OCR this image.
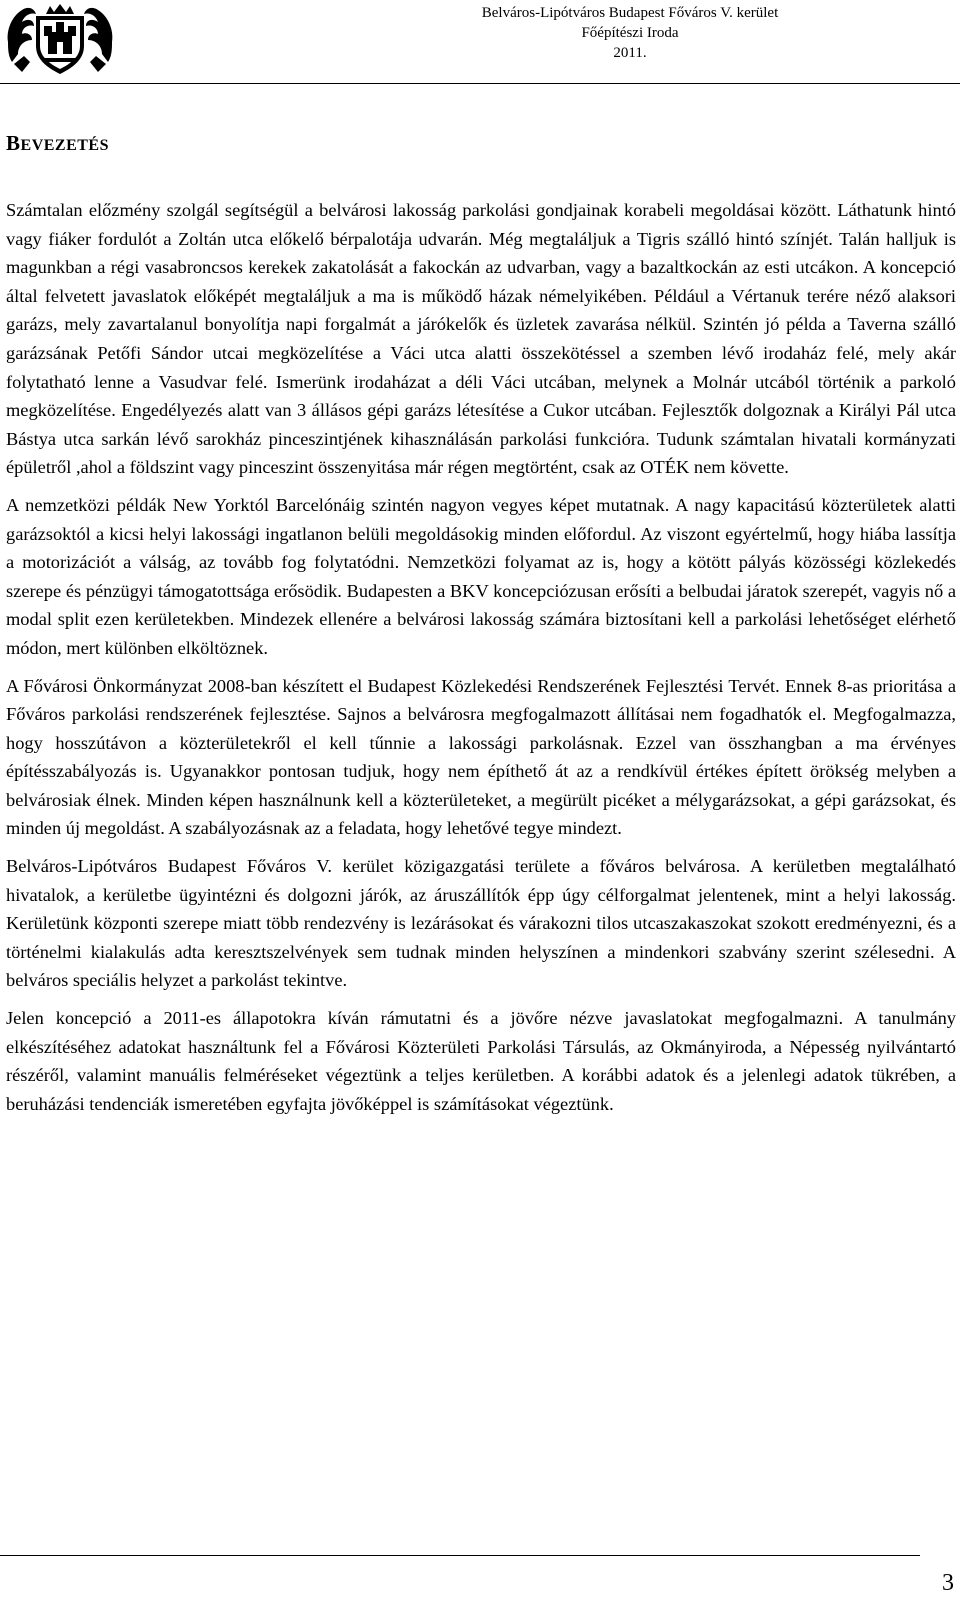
Belváros-Lipótváros Budapest Főváros V. kerület
Főépítészi Iroda
2011.
BEVEZETÉS

Számtalan előzmény szolgál segítségül a belvárosi lakosság parkolási gondjainak korabeli megoldásai között. Láthatunk hintó vagy fiáker fordulót a Zoltán utca előkelő bérpalotája udvarán. Még megtaláljuk a Tigris szálló hintó színjét. Talán halljuk is magunkban a régi vasabroncsos kerekek zakatolását a fakockán az udvarban, vagy a bazaltkockán az esti utcákon. A koncepció által felvetett javaslatok előképét megtaláljuk a ma is működő házak némelyikében. Például a Vértanuk terére néző alaksori garázs, mely zavartalanul bonyolítja napi forgalmát a járókelők és üzletek zavarása nélkül. Szintén jó példa a Taverna szálló garázsának Petőfi Sándor utcai megközelítése a Váci utca alatti összekötéssel a szemben lévő irodaház felé, mely akár folytatható lenne a Vasudvar felé. Ismerünk irodaházat a déli Váci utcában, melynek a Molnár utcából történik a parkoló megközelítése. Engedélyezés alatt van 3 állásos gépi garázs létesítése a Cukor utcában. Fejlesztők dolgoznak a Királyi Pál utca Bástya utca sarkán lévő sarokház pinceszintjének kihasználásán parkolási funkcióra. Tudunk számtalan hivatali kormányzati épületről ,ahol a földszint vagy pinceszint összenyitása már régen megtörtént, csak az OTÉK nem követte.

A nemzetközi példák New Yorktól Barcelónáig szintén nagyon vegyes képet mutatnak. A nagy kapacitású közterületek alatti garázsoktól a kicsi helyi lakossági ingatlanon belüli megoldásokig minden előfordul. Az viszont egyértelmű, hogy hiába lassítja a motorizációt a válság, az tovább fog folytatódni. Nemzetközi folyamat az is, hogy a kötött pályás közösségi közlekedés szerepe és pénzügyi támogatottsága erősödik. Budapesten a BKV koncepciózusan erősíti a belbudai járatok szerepét, vagyis nő a modal split ezen kerületekben. Mindezek ellenére a belvárosi lakosság számára biztosítani kell a parkolási lehetőséget elérhető módon, mert különben elköltöznek.

A Fővárosi Önkormányzat 2008-ban készített el Budapest Közlekedési Rendszerének Fejlesztési Tervét. Ennek 8-as prioritása a Főváros parkolási rendszerének fejlesztése. Sajnos a belvárosra megfogalmazott állításai nem fogadhatók el. Megfogalmazza, hogy hosszútávon a közterületekről el kell tűnnie a lakossági parkolásnak. Ezzel van összhangban a ma érvényes építésszabályozás is. Ugyanakkor pontosan tudjuk, hogy nem építhető át az a rendkívül értékes épített örökség melyben a belvárosiak élnek. Minden képen használnunk kell a közterületeket, a megürült picéket a mélygarázsokat, a gépi garázsokat, és minden új megoldást. A szabályozásnak az a feladata, hogy lehetővé tegye mindezt.

Belváros-Lipótváros Budapest Főváros V. kerület közigazgatási területe a főváros belvárosa. A kerületben megtalálható hivatalok, a kerületbe ügyintézni és dolgozni járók, az áruszállítók épp úgy célforgalmat jelentenek, mint a helyi lakosság. Kerületünk központi szerepe miatt több rendezvény is lezárásokat és várakozni tilos utcaszakaszokat szokott eredményezni, és a történelmi kialakulás adta keresztszelvények sem tudnak minden helyszínen a mindenkori szabvány szerint szélesedni. A belváros speciális helyzet a parkolást tekintve.

Jelen koncepció a 2011-es állapotokra kíván rámutatni és a jövőre nézve javaslatokat megfogalmazni. A tanulmány elkészítéséhez adatokat használtunk fel a Fővárosi Közterületi Parkolási Társulás, az Okmányiroda, a Népesség nyilvántartó részéről, valamint manuális felméréseket végeztünk a teljes kerületben. A korábbi adatok és a jelenlegi adatok tükrében, a beruházási tendenciák ismeretében egyfajta jövőképpel is számításokat végeztünk.

3
